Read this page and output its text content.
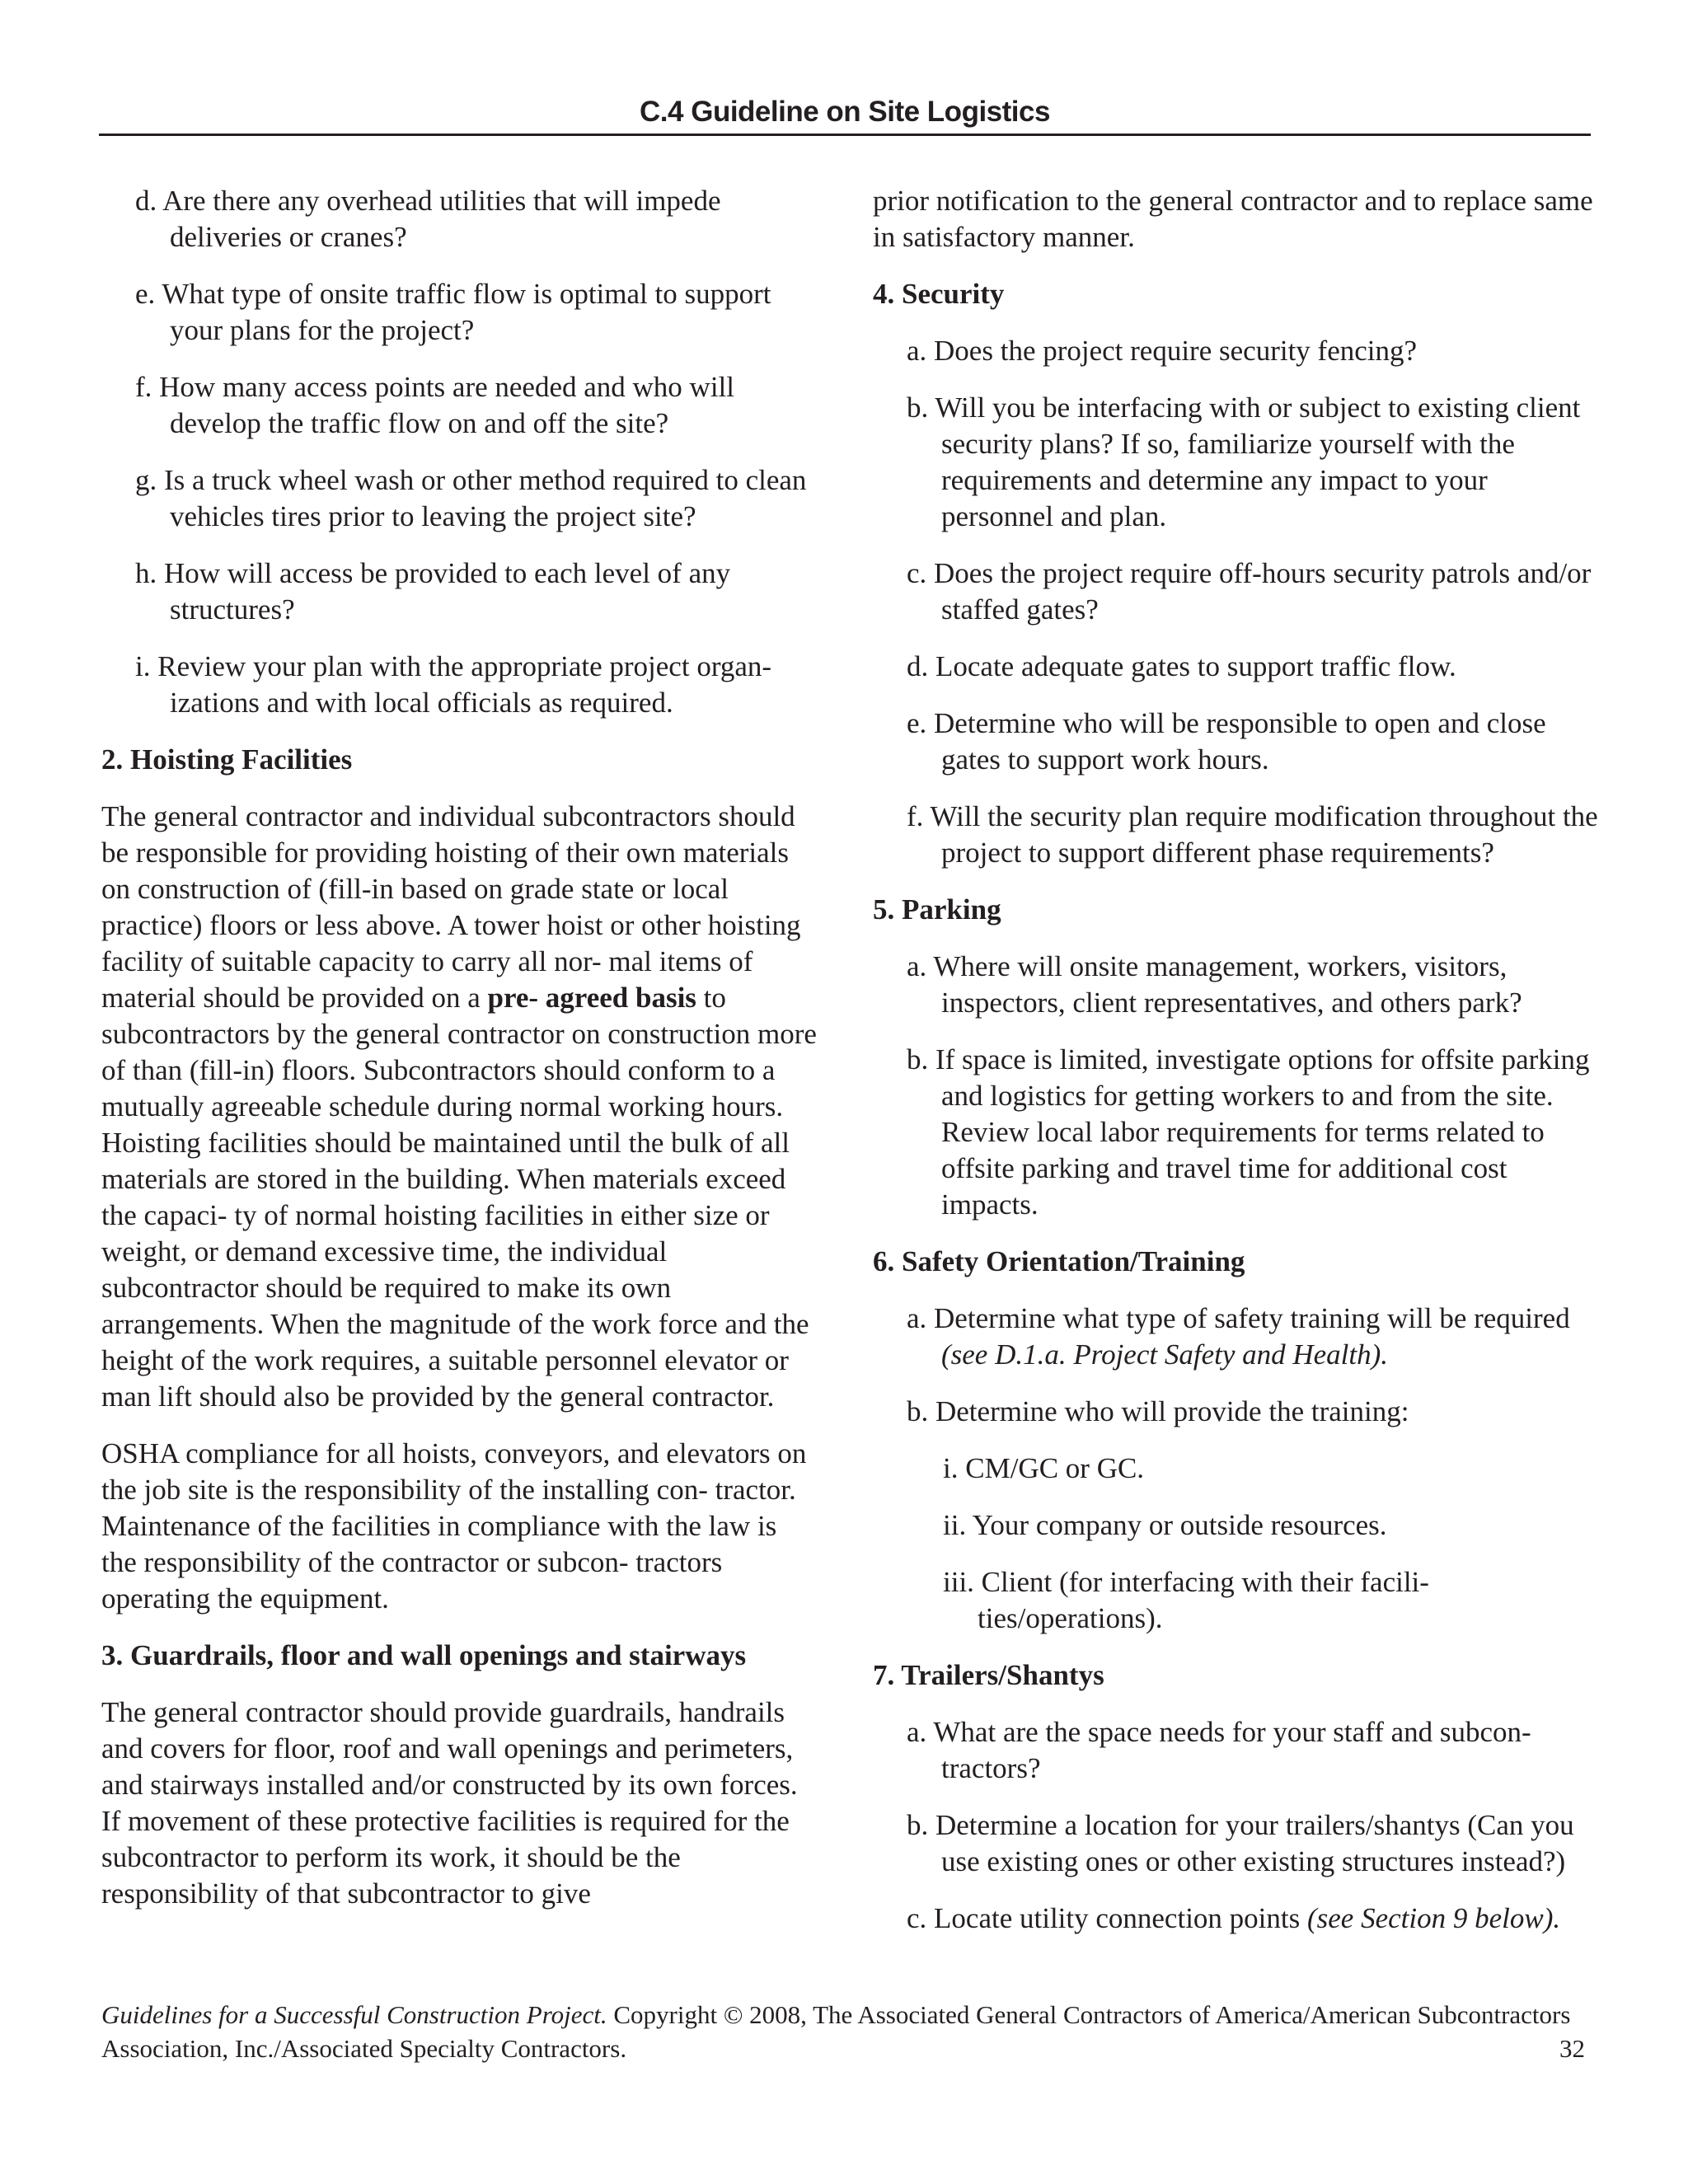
C.4 Guideline on Site Logistics

d. Are there any overhead utilities that will impede deliveries or cranes?

e. What type of onsite traffic flow is optimal to support your plans for the project?

f. How many access points are needed and who will develop the traffic flow on and off the site?

g. Is a truck wheel wash or other method required to clean vehicles tires prior to leaving the project site?

h. How will access be provided to each level of any structures?

i. Review your plan with the appropriate project organ- izations and with local officials as required.

2. Hoisting Facilities

The general contractor and individual subcontractors should be responsible for providing hoisting of their own materials on construction of (fill-in based on grade state or local practice) floors or less above. A tower hoist or other hoisting facility of suitable capacity to carry all nor- mal items of material should be provided on a pre- agreed basis to subcontractors by the general contractor on construction more of than (fill-in) floors. Subcontractors should conform to a mutually agreeable schedule during normal working hours. Hoisting facilities should be maintained until the bulk of all materials are stored in the building. When materials exceed the capaci- ty of normal hoisting facilities in either size or weight, or demand excessive time, the individual subcontractor should be required to make its own arrangements. When the magnitude of the work force and the height of the work requires, a suitable personnel elevator or man lift should also be provided by the general contractor.

OSHA compliance for all hoists, conveyors, and elevators on the job site is the responsibility of the installing con- tractor. Maintenance of the facilities in compliance with the law is the responsibility of the contractor or subcon- tractors operating the equipment.

3. Guardrails, floor and wall openings and stairways

The general contractor should provide guardrails, handrails and covers for floor, roof and wall openings and perimeters, and stairways installed and/or constructed by its own forces. If movement of these protective facilities is required for the subcontractor to perform its work, it should be the responsibility of that subcontractor to give

prior notification to the general contractor and to replace same in satisfactory manner.

4. Security

a. Does the project require security fencing?

b. Will you be interfacing with or subject to existing client security plans? If so, familiarize yourself with the requirements and determine any impact to your personnel and plan.

c. Does the project require off-hours security patrols and/or staffed gates?

d. Locate adequate gates to support traffic flow.

e. Determine who will be responsible to open and close gates to support work hours.

f. Will the security plan require modification throughout the project to support different phase requirements?

5. Parking

a. Where will onsite management, workers, visitors, inspectors, client representatives, and others park?

b. If space is limited, investigate options for offsite parking and logistics for getting workers to and from the site. Review local labor requirements for terms related to offsite parking and travel time for additional cost impacts.

6. Safety Orientation/Training

a. Determine what type of safety training will be required (see D.1.a. Project Safety and Health).

b. Determine who will provide the training:

i. CM/GC or GC.

ii. Your company or outside resources.

iii. Client (for interfacing with their facili- ties/operations).

7. Trailers/Shantys

a. What are the space needs for your staff and subcon- tractors?

b. Determine a location for your trailers/shantys (Can you use existing ones or other existing structures instead?)

c. Locate utility connection points (see Section 9 below).

Guidelines for a Successful Construction Project. Copyright © 2008, The Associated General Contractors of America/American Subcontractors Association, Inc./Associated Specialty Contractors.	32
